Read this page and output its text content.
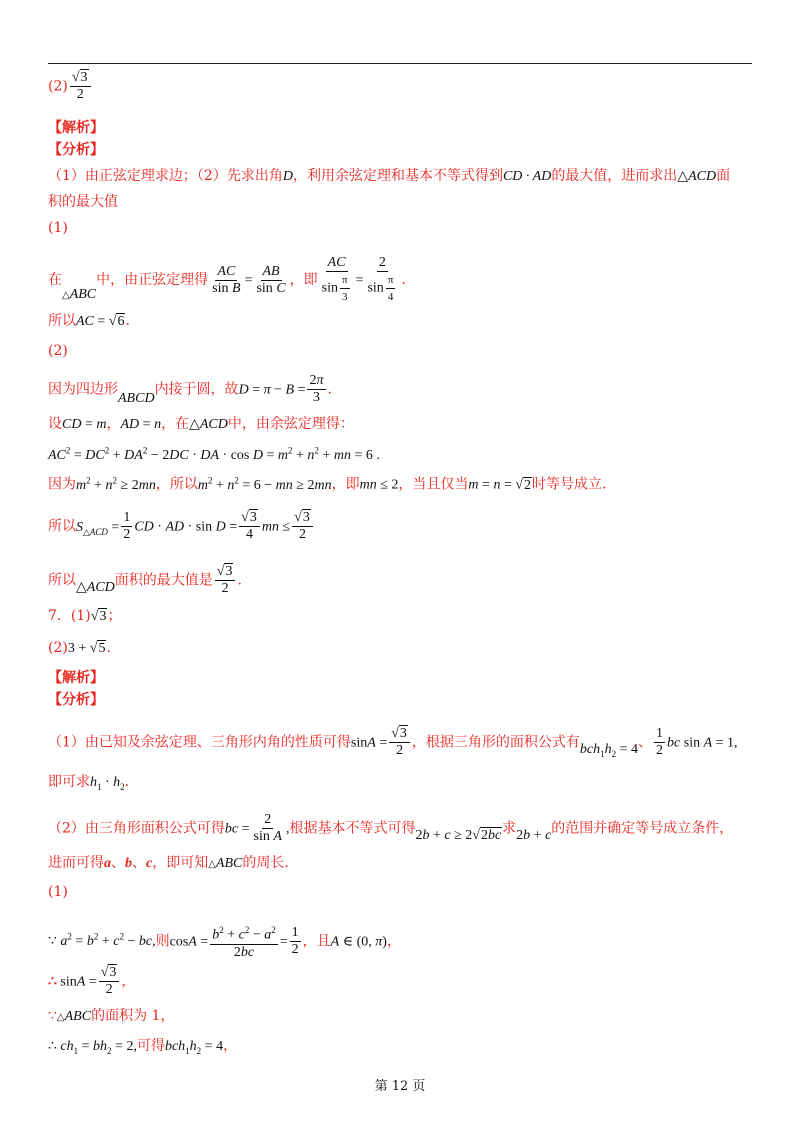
$(2) \frac{√3}{2}$
【解析】
【分析】
（1）由正弦定理求边；（2）先求出角D，利用余弦定理和基本不等式得到CD · AD的最大值，进而求出△ACD面
积的最大值
(1)
在△ABC中，由正弦定理得 $\frac{AC}{\text{sin B}} = \frac{AB}{\text{sin C}}$ ，即 $\frac{AC}{\sin \frac{\pi}{3}} = \frac{2}{\sin \frac{\pi}{4}}$ .
所以AC = √6.
(2)
因为四边形ABCD内接于圆，故$D = \pi - B = \frac{2\pi}{3}$ .
设CD = m，AD = n，在△ACD中，由余弦定理得：
$AC^2 = DC^2 + DA^2 - 2DC$ · DA · $\cos D = m^2 + n^2$ + mn = 6 .
因为$m^2 + n^2 \ge 2mn$，所以$m^2 + n^2 = 6$ − mn ≥ 2mn，即mn ≤ 2，当且仅当m = n = √2时等号成立.
所以$S_{\triangle ACD} = \frac{1}{2}$ CD · AD · $\sin D = \frac{√3}{4}$ mn ≤ $\frac{√3}{2}$
所以△ACD面积的最大值是 $\frac{√3}{2}$ .
7．(1)√3；
(2)3 + √5.
【解析】
【分析】
（1）由已知及余弦定理、三角形内角的性质可得$\sin A = \frac{√3}{2}$ ，根据三角形的面积公式有$bch_1h_2 = 4$、 $\frac{1}{2}$ bc sin A = 1,
即可求$h_1 \cdot h_2$.
（2）由三角形面积公式可得bc = $\frac{2}{\text{sin A}}$ ,根据基本不等式可得2b + c ≥ 2√2bc求2b + c的范围并确定等号成立条件，
进而可得a、b、c，即可知△ABC的周长.
(1)
∵ $a^2 = b^2 + c^2$ − bc,则$\cos A = \frac{b^2 + c^2 - a^2}{2bc} = \frac{1}{2}$ ，且A ∈ (0, π)，
∴ $\sin A = \frac{√3}{2}$ ，
∵△ABC的面积为 1，
∴ $ch_1 = bh_2 = 2$,可得$bch_1h_2 = 4$，
第 12 页
